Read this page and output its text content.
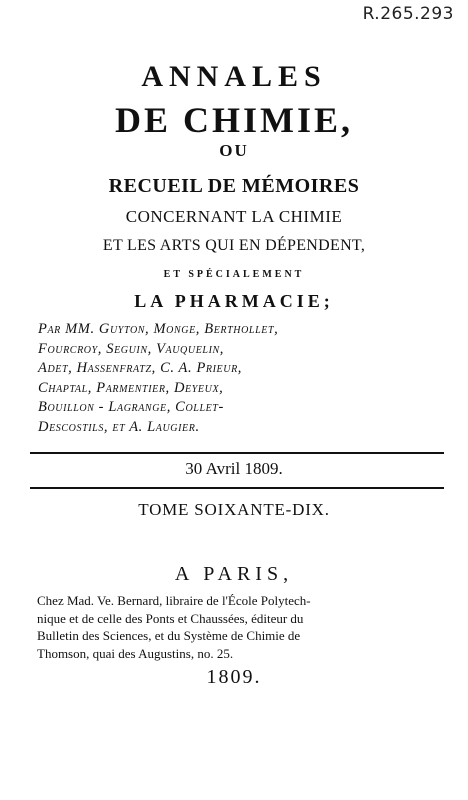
R.265.293
ANNALES
DE CHIMIE,
OU
RECUEIL DE MÉMOIRES
CONCERNANT LA CHIMIE
ET LES ARTS QUI EN DÉPENDENT,
ET SPÉCIALEMENT
LA PHARMACIE;
Par MM. Guyton, Monge, Berthollet,
Fourcroy, Seguin, Vauquelin,
Adet, Hassenfratz, C. A. Prieur,
Chaptal, Parmentier, Deyeux,
Bouillon - Lagrange, Collet-
Descostils, et A. Laugier.
30 Avril 1809.
TOME SOIXANTE-DIX.
A PARIS,
Chez Mad. Ve. Bernard, libraire de l'École Polytech-
nique et de celle des Ponts et Chaussées, éditeur du
Bulletin des Sciences, et du Système de Chimie de
Thomson, quai des Augustins, no. 25.
1809.
